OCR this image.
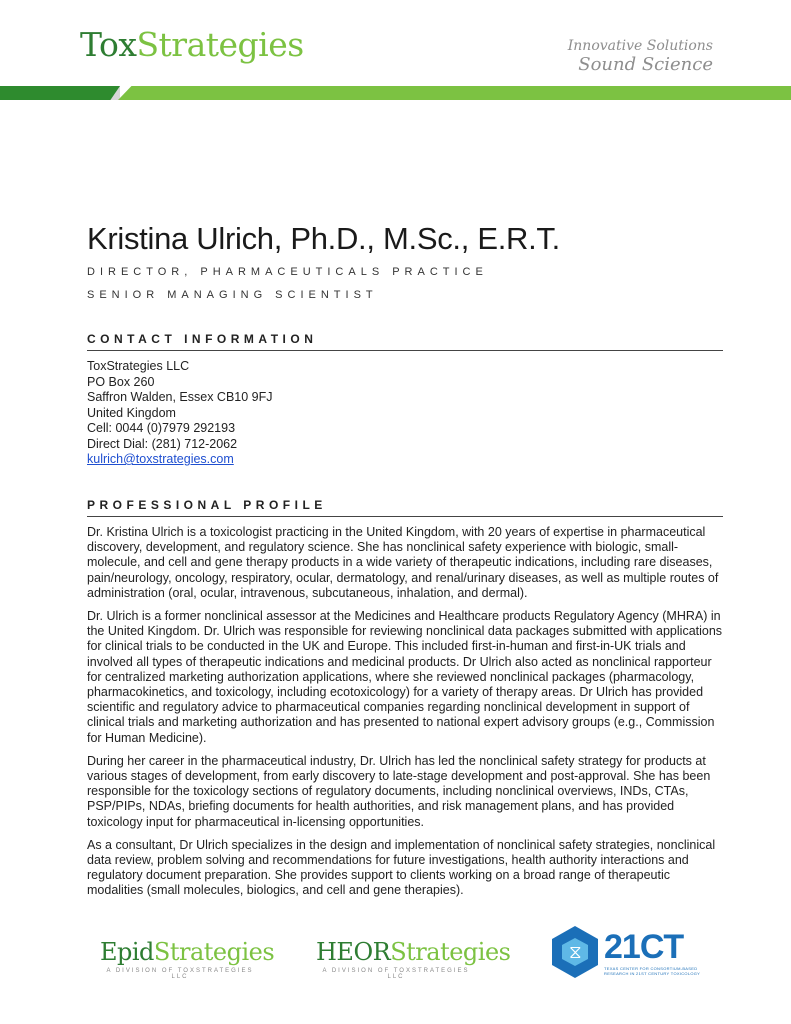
ToxStrategies	Innovative Solutions
Sound Science
Kristina Ulrich, Ph.D., M.Sc., E.R.T.
DIRECTOR, PHARMACEUTICALS PRACTICE
SENIOR MANAGING SCIENTIST
CONTACT INFORMATION
ToxStrategies LLC
PO Box 260
Saffron Walden, Essex CB10 9FJ
United Kingdom
Cell: 0044 (0)7979 292193
Direct Dial: (281) 712-2062
kulrich@toxstrategies.com
PROFESSIONAL PROFILE

Dr. Kristina Ulrich is a toxicologist practicing in the United Kingdom, with 20 years of expertise in pharmaceutical discovery, development, and regulatory science. She has nonclinical safety experience with biologic, small-molecule, and cell and gene therapy products in a wide variety of therapeutic indications, including rare diseases, pain/neurology, oncology, respiratory, ocular, dermatology, and renal/urinary diseases, as well as multiple routes of administration (oral, ocular, intravenous, subcutaneous, inhalation, and dermal).

Dr. Ulrich is a former nonclinical assessor at the Medicines and Healthcare products Regulatory Agency (MHRA) in the United Kingdom. Dr. Ulrich was responsible for reviewing nonclinical data packages submitted with applications for clinical trials to be conducted in the UK and Europe. This included first-in-human and first-in-UK trials and involved all types of therapeutic indications and medicinal products. Dr Ulrich also acted as nonclinical rapporteur for centralized marketing authorization applications, where she reviewed nonclinical packages (pharmacology, pharmacokinetics, and toxicology, including ecotoxicology) for a variety of therapy areas. Dr Ulrich has provided scientific and regulatory advice to pharmaceutical companies regarding nonclinical development in support of clinical trials and marketing authorization and has presented to national expert advisory groups (e.g., Commission for Human Medicine).

During her career in the pharmaceutical industry, Dr. Ulrich has led the nonclinical safety strategy for products at various stages of development, from early discovery to late-stage development and post-approval. She has been responsible for the toxicology sections of regulatory documents, including nonclinical overviews, INDs, CTAs, PSP/PIPs, NDAs, briefing documents for health authorities, and risk management plans, and has provided toxicology input for pharmaceutical in-licensing opportunities.

As a consultant, Dr Ulrich specializes in the design and implementation of nonclinical safety strategies, nonclinical data review, problem solving and recommendations for future investigations, health authority interactions and regulatory document preparation. She provides support to clients working on a broad range of therapeutic modalities (small molecules, biologics, and cell and gene therapies).

EpidStrategies
A DIVISION OF TOXSTRATEGIES LLC
HEORStrategies
A DIVISION OF TOXSTRATEGIES LLC
⧖ 21CT
TEXAS CENTER FOR CONSORTIUM-BASED RESEARCH IN 21ST CENTURY TOXICOLOGY
